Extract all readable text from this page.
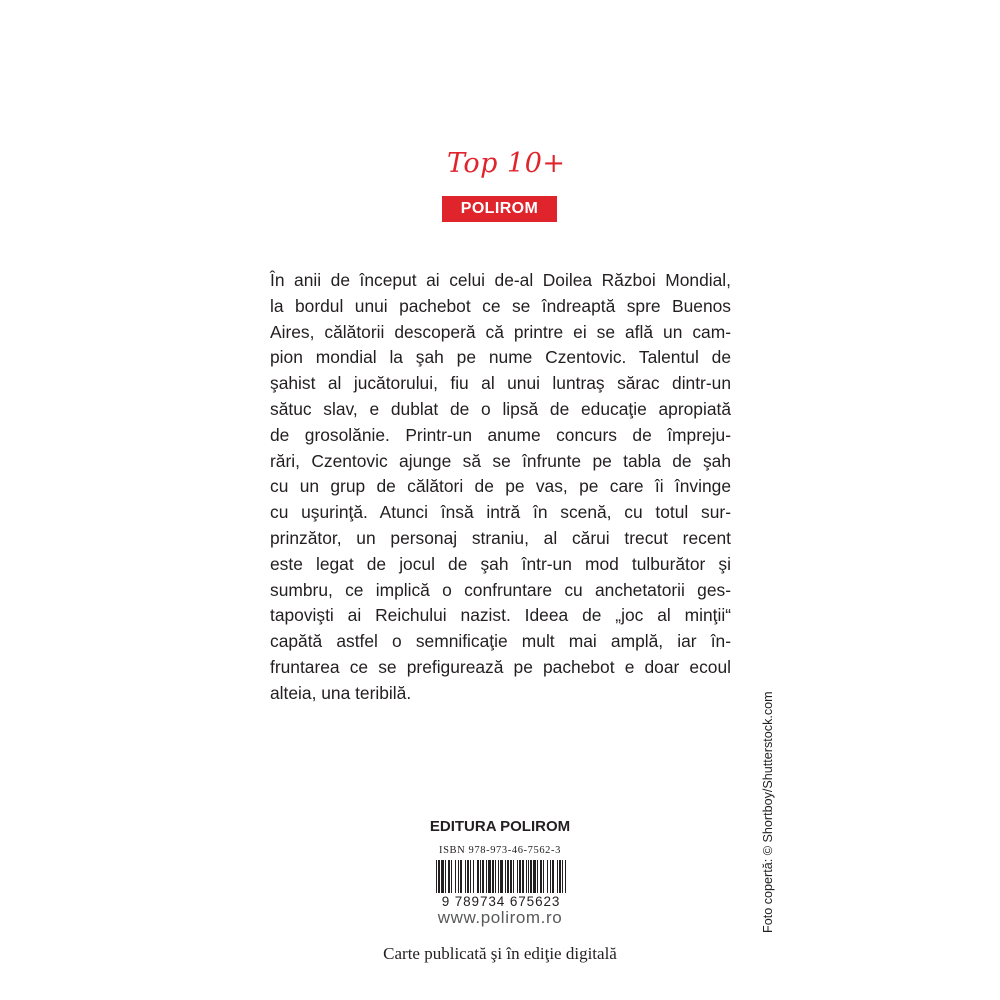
Top 10+
POLIROM
În anii de început ai celui de-al Doilea Război Mondial,
la bordul unui pachebot ce se îndreaptă spre Buenos
Aires, călătorii descoperă că printre ei se află un cam-
pion mondial la şah pe nume Czentovic. Talentul de
şahist al jucătorului, fiu al unui luntraş sărac dintr-un
sătuc slav, e dublat de o lipsă de educaţie apropiată
de grosolănie. Printr-un anume concurs de împreju-
rări, Czentovic ajunge să se înfrunte pe tabla de şah
cu un grup de călători de pe vas, pe care îi învinge
cu uşurinţă. Atunci însă intră în scenă, cu totul sur-
prinzător, un personaj straniu, al cărui trecut recent
este legat de jocul de şah într-un mod tulburător şi
sumbru, ce implică o confruntare cu anchetatorii ges-
tapovişti ai Reichului nazist. Ideea de „joc al minţii“
capătă astfel o semnificaţie mult mai amplă, iar în-
fruntarea ce se prefigurează pe pachebot e doar ecoul
alteia, una teribilă.	Foto copertă: © Shortboy/Shutterstock.com
EDITURA POLIROM
ISBN 978-973-46-7562-3
9 789734 675623
www.polirom.ro
Carte publicată şi în ediţie digitală
